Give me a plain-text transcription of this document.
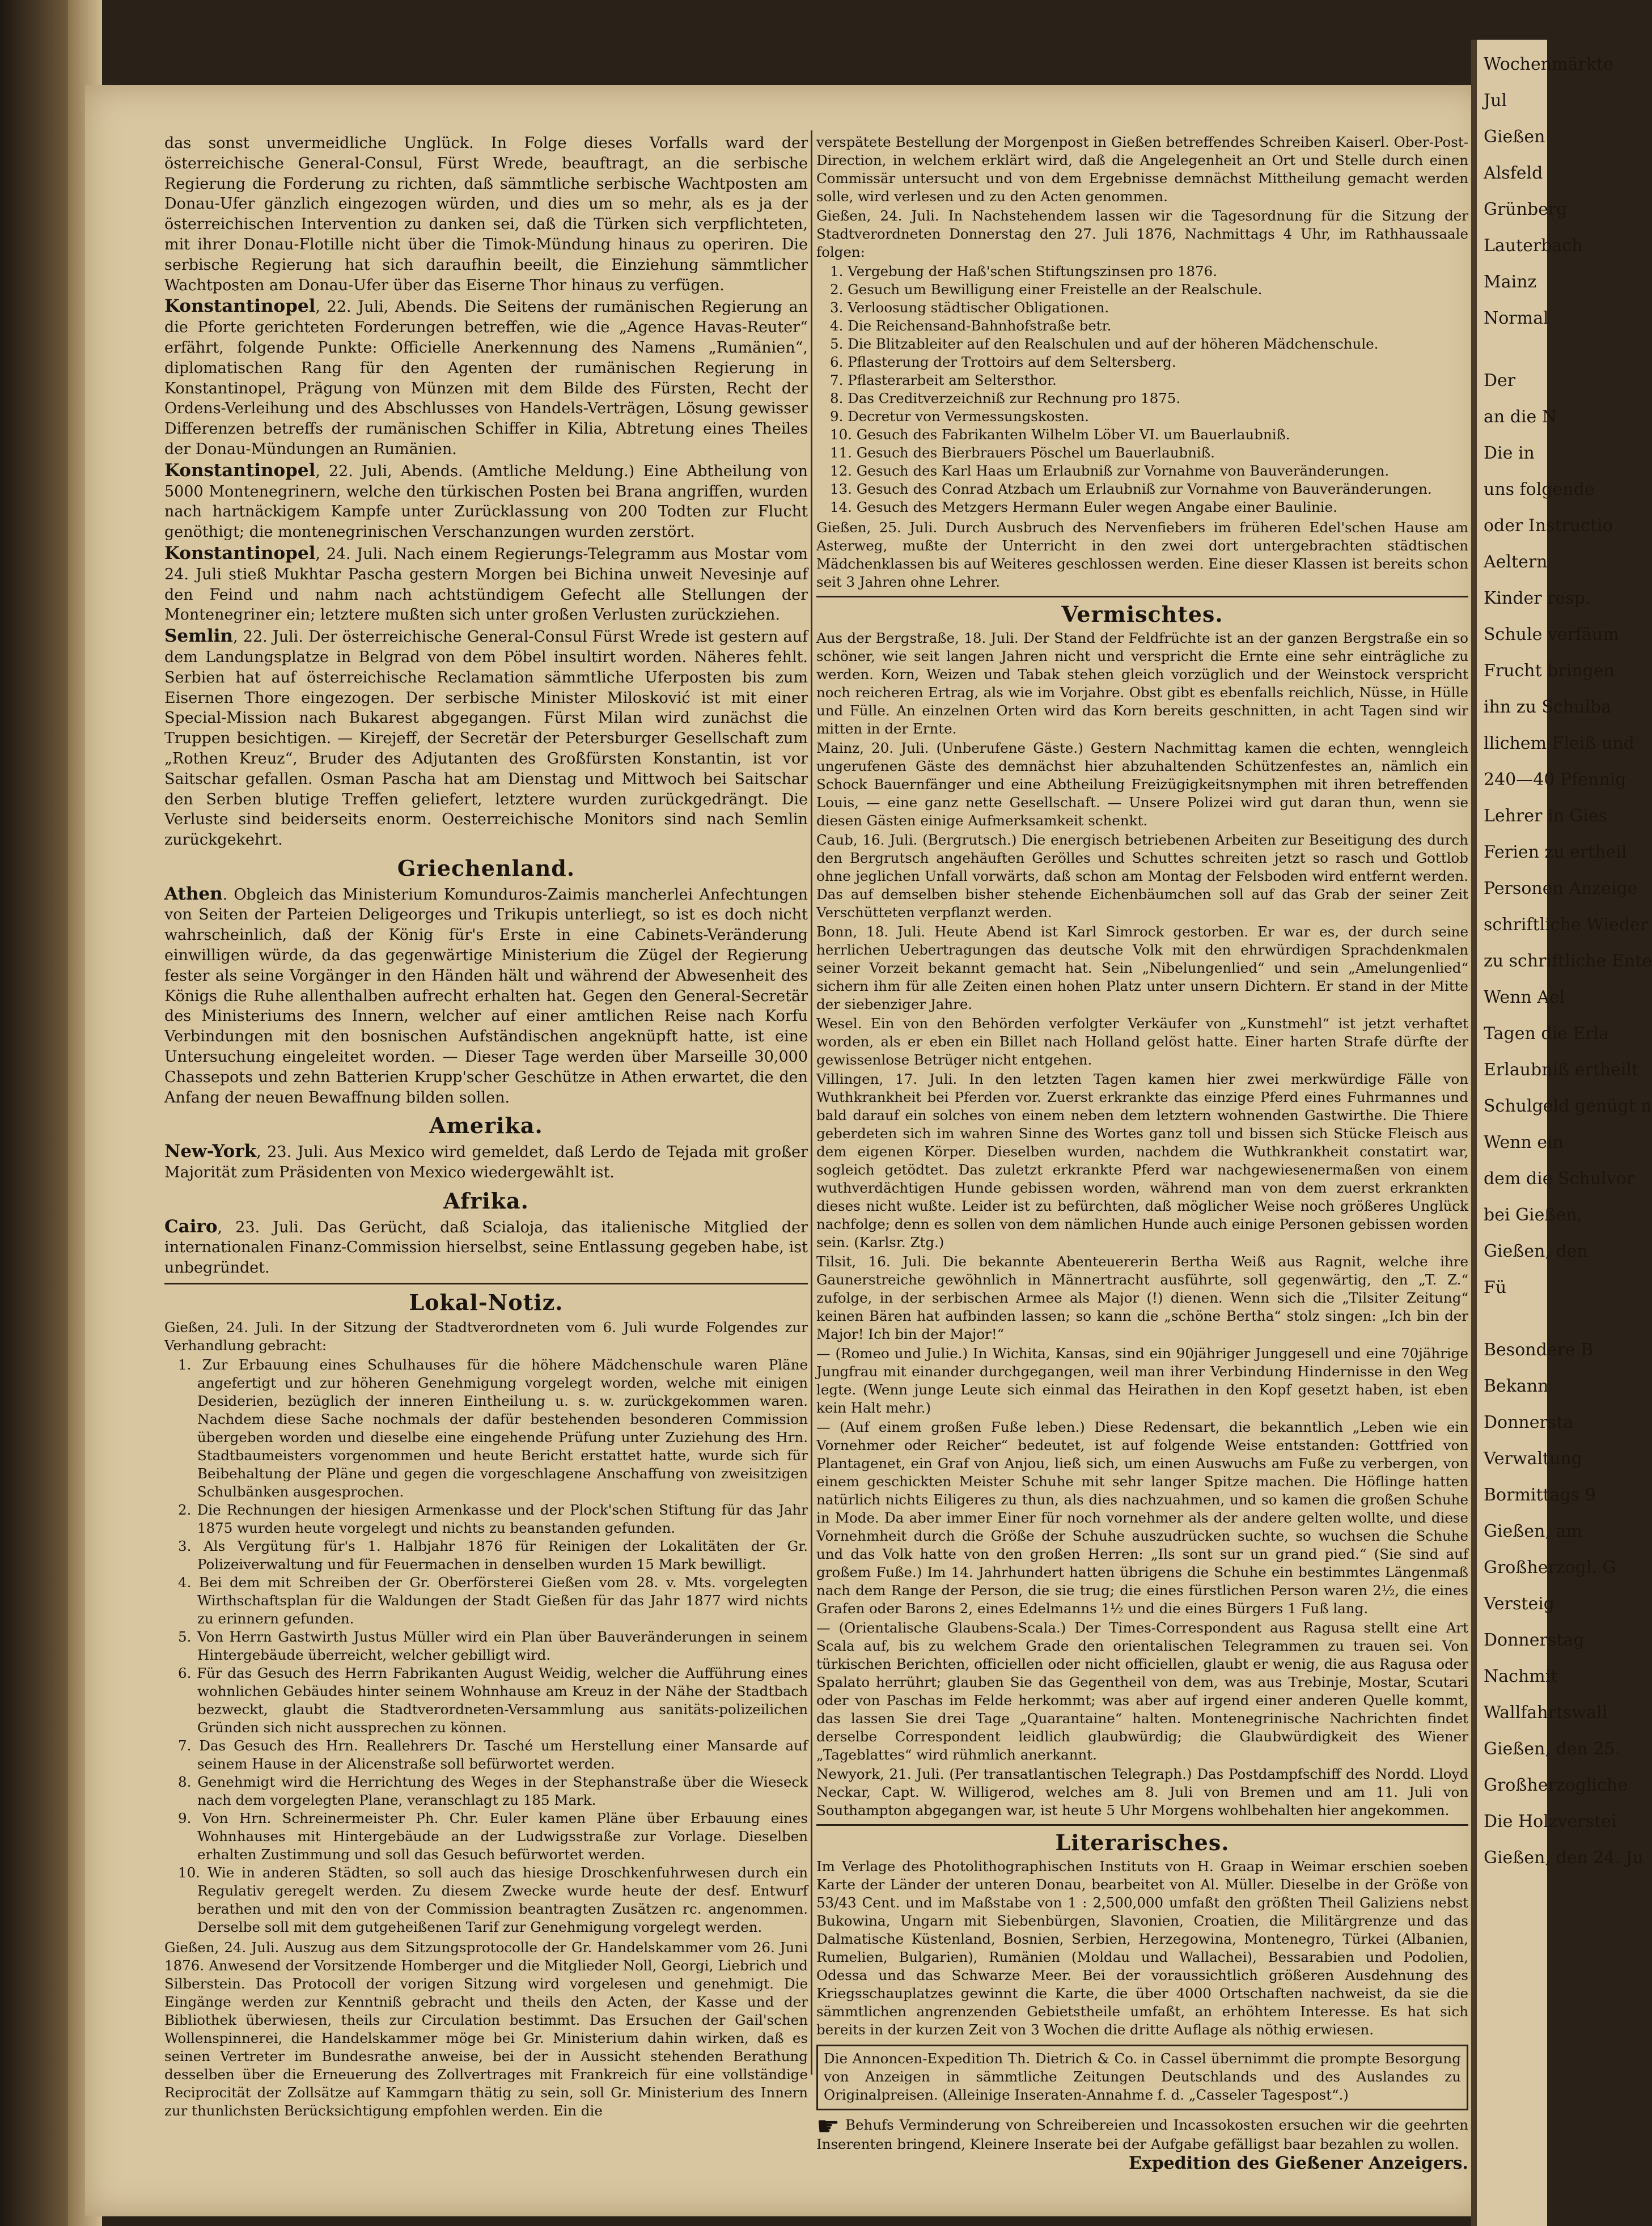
das sonst unvermeidliche Unglück. In Folge dieses Vorfalls ward der österreichische General-Consul, Fürst Wrede, beauftragt, an die serbische Regierung die Forderung zu richten, daß sämmtliche serbische Wachtposten am Donau-Ufer gänzlich eingezogen würden, und dies um so mehr, als es ja der österreichischen Intervention zu danken sei, daß die Türken sich verpflichteten, mit ihrer Donau-Flotille nicht über die Timok-Mündung hinaus zu operiren. Die serbische Regierung hat sich daraufhin beeilt, die Einziehung sämmtlicher Wachtposten am Donau-Ufer über das Eiserne Thor hinaus zu verfügen.

Konstantinopel, 22. Juli, Abends. Die Seitens der rumänischen Regierung an die Pforte gerichteten Forderungen betreffen, wie die „Agence Havas-Reuter“ erfährt, folgende Punkte: Officielle Anerkennung des Namens „Rumänien“, diplomatischen Rang für den Agenten der rumänischen Regierung in Konstantinopel, Prägung von Münzen mit dem Bilde des Fürsten, Recht der Ordens-Verleihung und des Abschlusses von Handels-Verträgen, Lösung gewisser Differenzen betreffs der rumänischen Schiffer in Kilia, Abtretung eines Theiles der Donau-Mündungen an Rumänien.

Konstantinopel, 22. Juli, Abends. (Amtliche Meldung.) Eine Abtheilung von 5000 Montenegrinern, welche den türkischen Posten bei Brana angriffen, wurden nach hartnäckigem Kampfe unter Zurücklassung von 200 Todten zur Flucht genöthigt; die montenegrinischen Verschanzungen wurden zerstört.

Konstantinopel, 24. Juli. Nach einem Regierungs-Telegramm aus Mostar vom 24. Juli stieß Mukhtar Pascha gestern Morgen bei Bichina unweit Nevesinje auf den Feind und nahm nach achtstündigem Gefecht alle Stellungen der Montenegriner ein; letztere mußten sich unter großen Verlusten zurückziehen.

Semlin, 22. Juli. Der österreichische General-Consul Fürst Wrede ist gestern auf dem Landungsplatze in Belgrad von dem Pöbel insultirt worden. Näheres fehlt. Serbien hat auf österreichische Reclamation sämmtliche Uferposten bis zum Eisernen Thore eingezogen. Der serbische Minister Milosković ist mit einer Special-Mission nach Bukarest abgegangen. Fürst Milan wird zunächst die Truppen besichtigen. — Kirejeff, der Secretär der Petersburger Gesellschaft zum „Rothen Kreuz“, Bruder des Adjutanten des Großfürsten Konstantin, ist vor Saitschar gefallen. Osman Pascha hat am Dienstag und Mittwoch bei Saitschar den Serben blutige Treffen geliefert, letztere wurden zurückgedrängt. Die Verluste sind beiderseits enorm. Oesterreichische Monitors sind nach Semlin zurückgekehrt.

Griechenland.

Athen. Obgleich das Ministerium Komunduros-Zaimis mancherlei Anfechtungen von Seiten der Parteien Deligeorges und Trikupis unterliegt, so ist es doch nicht wahrscheinlich, daß der König für's Erste in eine Cabinets-Veränderung einwilligen würde, da das gegenwärtige Ministerium die Zügel der Regierung fester als seine Vorgänger in den Händen hält und während der Abwesenheit des Königs die Ruhe allenthalben aufrecht erhalten hat. Gegen den General-Secretär des Ministeriums des Innern, welcher auf einer amtlichen Reise nach Korfu Verbindungen mit den bosnischen Aufständischen angeknüpft hatte, ist eine Untersuchung eingeleitet worden. — Dieser Tage werden über Marseille 30,000 Chassepots und zehn Batterien Krupp'scher Geschütze in Athen erwartet, die den Anfang der neuen Bewaffnung bilden sollen.

Amerika.

New-York, 23. Juli. Aus Mexico wird gemeldet, daß Lerdo de Tejada mit großer Majorität zum Präsidenten von Mexico wiedergewählt ist.

Afrika.

Cairo, 23. Juli. Das Gerücht, daß Scialoja, das italienische Mitglied der internationalen Finanz-Commission hierselbst, seine Entlassung gegeben habe, ist unbegründet.

Lokal-Notiz.

Gießen, 24. Juli. In der Sitzung der Stadtverordneten vom 6. Juli wurde Folgendes zur Verhandlung gebracht:

1. Zur Erbauung eines Schulhauses für die höhere Mädchenschule waren Pläne angefertigt und zur höheren Genehmigung vorgelegt worden, welche mit einigen Desiderien, bezüglich der inneren Eintheilung u. s. w. zurückgekommen waren. Nachdem diese Sache nochmals der dafür bestehenden besonderen Commission übergeben worden und dieselbe eine eingehende Prüfung unter Zuziehung des Hrn. Stadtbaumeisters vorgenommen und heute Bericht erstattet hatte, wurde sich für Beibehaltung der Pläne und gegen die vorgeschlagene Anschaffung von zweisitzigen Schulbänken ausgesprochen.
2. Die Rechnungen der hiesigen Armenkasse und der Plock'schen Stiftung für das Jahr 1875 wurden heute vorgelegt und nichts zu beanstanden gefunden.
3. Als Vergütung für's 1. Halbjahr 1876 für Reinigen der Lokalitäten der Gr. Polizeiverwaltung und für Feuermachen in denselben wurden 15 Mark bewilligt.
4. Bei dem mit Schreiben der Gr. Oberförsterei Gießen vom 28. v. Mts. vorgelegten Wirthschaftsplan für die Waldungen der Stadt Gießen für das Jahr 1877 wird nichts zu erinnern gefunden.
5. Von Herrn Gastwirth Justus Müller wird ein Plan über Bauveränderungen in seinem Hintergebäude überreicht, welcher gebilligt wird.
6. Für das Gesuch des Herrn Fabrikanten August Weidig, welcher die Aufführung eines wohnlichen Gebäudes hinter seinem Wohnhause am Kreuz in der Nähe der Stadtbach bezweckt, glaubt die Stadtverordneten-Versammlung aus sanitäts-polizeilichen Gründen sich nicht aussprechen zu können.
7. Das Gesuch des Hrn. Reallehrers Dr. Tasché um Herstellung einer Mansarde auf seinem Hause in der Alicenstraße soll befürwortet werden.
8. Genehmigt wird die Herrichtung des Weges in der Stephanstraße über die Wieseck nach dem vorgelegten Plane, veranschlagt zu 185 Mark.
9. Von Hrn. Schreinermeister Ph. Chr. Euler kamen Pläne über Erbauung eines Wohnhauses mit Hintergebäude an der Ludwigsstraße zur Vorlage. Dieselben erhalten Zustimmung und soll das Gesuch befürwortet werden.
10. Wie in anderen Städten, so soll auch das hiesige Droschkenfuhrwesen durch ein Regulativ geregelt werden. Zu diesem Zwecke wurde heute der desf. Entwurf berathen und mit den von der Commission beantragten Zusätzen rc. angenommen. Derselbe soll mit dem gutgeheißenen Tarif zur Genehmigung vorgelegt werden.

Gießen, 24. Juli. Auszug aus dem Sitzungsprotocolle der Gr. Handelskammer vom 26. Juni 1876. Anwesend der Vorsitzende Homberger und die Mitglieder Noll, Georgi, Liebrich und Silberstein. Das Protocoll der vorigen Sitzung wird vorgelesen und genehmigt. Die Eingänge werden zur Kenntniß gebracht und theils den Acten, der Kasse und der Bibliothek überwiesen, theils zur Circulation bestimmt. Das Ersuchen der Gail'schen Wollenspinnerei, die Handelskammer möge bei Gr. Ministerium dahin wirken, daß es seinen Vertreter im Bundesrathe anweise, bei der in Aussicht stehenden Berathung desselben über die Erneuerung des Zollvertrages mit Frankreich für eine vollständige Reciprocität der Zollsätze auf Kammgarn thätig zu sein, soll Gr. Ministerium des Innern zur thunlichsten Berücksichtigung empfohlen werden. Ein die

verspätete Bestellung der Morgenpost in Gießen betreffendes Schreiben Kaiserl. Ober-Post-Direction, in welchem erklärt wird, daß die Angelegenheit an Ort und Stelle durch einen Commissär untersucht und von dem Ergebnisse demnächst Mittheilung gemacht werden solle, wird verlesen und zu den Acten genommen.

Gießen, 24. Juli. In Nachstehendem lassen wir die Tagesordnung für die Sitzung der Stadtverordneten Donnerstag den 27. Juli 1876, Nachmittags 4 Uhr, im Rathhaussaale folgen:

1. Vergebung der Haß'schen Stiftungszinsen pro 1876.
2. Gesuch um Bewilligung einer Freistelle an der Realschule.
3. Verloosung städtischer Obligationen.
4. Die Reichensand-Bahnhofstraße betr.
5. Die Blitzableiter auf den Realschulen und auf der höheren Mädchenschule.
6. Pflasterung der Trottoirs auf dem Seltersberg.
7. Pflasterarbeit am Seltersthor.
8. Das Creditverzeichniß zur Rechnung pro 1875.
9. Decretur von Vermessungskosten.
10. Gesuch des Fabrikanten Wilhelm Löber VI. um Bauerlaubniß.
11. Gesuch des Bierbrauers Pöschel um Bauerlaubniß.
12. Gesuch des Karl Haas um Erlaubniß zur Vornahme von Bauveränderungen.
13. Gesuch des Conrad Atzbach um Erlaubniß zur Vornahme von Bauveränderungen.
14. Gesuch des Metzgers Hermann Euler wegen Angabe einer Baulinie.

Gießen, 25. Juli. Durch Ausbruch des Nervenfiebers im früheren Edel'schen Hause am Asterweg, mußte der Unterricht in den zwei dort untergebrachten städtischen Mädchenklassen bis auf Weiteres geschlossen werden. Eine dieser Klassen ist bereits schon seit 3 Jahren ohne Lehrer.

Vermischtes.

Aus der Bergstraße, 18. Juli. Der Stand der Feldfrüchte ist an der ganzen Bergstraße ein so schöner, wie seit langen Jahren nicht und verspricht die Ernte eine sehr einträgliche zu werden. Korn, Weizen und Tabak stehen gleich vorzüglich und der Weinstock verspricht noch reicheren Ertrag, als wie im Vorjahre. Obst gibt es ebenfalls reichlich, Nüsse, in Hülle und Fülle. An einzelnen Orten wird das Korn bereits geschnitten, in acht Tagen sind wir mitten in der Ernte.

Mainz, 20. Juli. (Unberufene Gäste.) Gestern Nachmittag kamen die echten, wenngleich ungerufenen Gäste des demnächst hier abzuhaltenden Schützenfestes an, nämlich ein Schock Bauernfänger und eine Abtheilung Freizügigkeitsnymphen mit ihren betreffenden Louis, — eine ganz nette Gesellschaft. — Unsere Polizei wird gut daran thun, wenn sie diesen Gästen einige Aufmerksamkeit schenkt.

Caub, 16. Juli. (Bergrutsch.) Die energisch betriebenen Arbeiten zur Beseitigung des durch den Bergrutsch angehäuften Gerölles und Schuttes schreiten jetzt so rasch und Gottlob ohne jeglichen Unfall vorwärts, daß schon am Montag der Felsboden wird entfernt werden. Das auf demselben bisher stehende Eichenbäumchen soll auf das Grab der seiner Zeit Verschütteten verpflanzt werden.

Bonn, 18. Juli. Heute Abend ist Karl Simrock gestorben. Er war es, der durch seine herrlichen Uebertragungen das deutsche Volk mit den ehrwürdigen Sprachdenkmalen seiner Vorzeit bekannt gemacht hat. Sein „Nibelungenlied“ und sein „Amelungenlied“ sichern ihm für alle Zeiten einen hohen Platz unter unsern Dichtern. Er stand in der Mitte der siebenziger Jahre.

Wesel. Ein von den Behörden verfolgter Verkäufer von „Kunstmehl“ ist jetzt verhaftet worden, als er eben ein Billet nach Holland gelöst hatte. Einer harten Strafe dürfte der gewissenlose Betrüger nicht entgehen.

Villingen, 17. Juli. In den letzten Tagen kamen hier zwei merkwürdige Fälle von Wuthkrankheit bei Pferden vor. Zuerst erkrankte das einzige Pferd eines Fuhrmannes und bald darauf ein solches von einem neben dem letztern wohnenden Gastwirthe. Die Thiere geberdeten sich im wahren Sinne des Wortes ganz toll und bissen sich Stücke Fleisch aus dem eigenen Körper. Dieselben wurden, nachdem die Wuthkrankheit constatirt war, sogleich getödtet. Das zuletzt erkrankte Pferd war nachgewiesenermaßen von einem wuthverdächtigen Hunde gebissen worden, während man von dem zuerst erkrankten dieses nicht wußte. Leider ist zu befürchten, daß möglicher Weise noch größeres Unglück nachfolge; denn es sollen von dem nämlichen Hunde auch einige Personen gebissen worden sein. (Karlsr. Ztg.)

Tilsit, 16. Juli. Die bekannte Abenteuererin Bertha Weiß aus Ragnit, welche ihre Gaunerstreiche gewöhnlich in Männertracht ausführte, soll gegenwärtig, den „T. Z.“ zufolge, in der serbischen Armee als Major (!) dienen. Wenn sich die „Tilsiter Zeitung“ keinen Bären hat aufbinden lassen; so kann die „schöne Bertha“ stolz singen: „Ich bin der Major! Ich bin der Major!“

— (Romeo und Julie.) In Wichita, Kansas, sind ein 90jähriger Junggesell und eine 70jährige Jungfrau mit einander durchgegangen, weil man ihrer Verbindung Hindernisse in den Weg legte. (Wenn junge Leute sich einmal das Heirathen in den Kopf gesetzt haben, ist eben kein Halt mehr.)

— (Auf einem großen Fuße leben.) Diese Redensart, die bekanntlich „Leben wie ein Vornehmer oder Reicher“ bedeutet, ist auf folgende Weise entstanden: Gottfried von Plantagenet, ein Graf von Anjou, ließ sich, um einen Auswuchs am Fuße zu verbergen, von einem geschickten Meister Schuhe mit sehr langer Spitze machen. Die Höflinge hatten natürlich nichts Eiligeres zu thun, als dies nachzuahmen, und so kamen die großen Schuhe in Mode. Da aber immer Einer für noch vornehmer als der andere gelten wollte, und diese Vornehmheit durch die Größe der Schuhe auszudrücken suchte, so wuchsen die Schuhe und das Volk hatte von den großen Herren: „Ils sont sur un grand pied.“ (Sie sind auf großem Fuße.) Im 14. Jahrhundert hatten übrigens die Schuhe ein bestimmtes Längenmaß nach dem Range der Person, die sie trug; die eines fürstlichen Person waren 2½, die eines Grafen oder Barons 2, eines Edelmanns 1½ und die eines Bürgers 1 Fuß lang.

— (Orientalische Glaubens-Scala.) Der Times-Correspondent aus Ragusa stellt eine Art Scala auf, bis zu welchem Grade den orientalischen Telegrammen zu trauen sei. Von türkischen Berichten, officiellen oder nicht officiellen, glaubt er wenig, die aus Ragusa oder Spalato herrührt; glauben Sie das Gegentheil von dem, was aus Trebinje, Mostar, Scutari oder von Paschas im Felde herkommt; was aber auf irgend einer anderen Quelle kommt, das lassen Sie drei Tage „Quarantaine“ halten. Montenegrinische Nachrichten findet derselbe Correspondent leidlich glaubwürdig; die Glaubwürdigkeit des Wiener „Tageblattes“ wird rühmlich anerkannt.

Newyork, 21. Juli. (Per transatlantischen Telegraph.) Das Postdampfschiff des Nordd. Lloyd Neckar, Capt. W. Willigerod, welches am 8. Juli von Bremen und am 11. Juli von Southampton abgegangen war, ist heute 5 Uhr Morgens wohlbehalten hier angekommen.

Literarisches.

Im Verlage des Photolithographischen Instituts von H. Graap in Weimar erschien soeben Karte der Länder der unteren Donau, bearbeitet von Al. Müller. Dieselbe in der Größe von 53/43 Cent. und im Maßstabe von 1 : 2,500,000 umfaßt den größten Theil Galiziens nebst Bukowina, Ungarn mit Siebenbürgen, Slavonien, Croatien, die Militärgrenze und das Dalmatische Küstenland, Bosnien, Serbien, Herzegowina, Montenegro, Türkei (Albanien, Rumelien, Bulgarien), Rumänien (Moldau und Wallachei), Bessarabien und Podolien, Odessa und das Schwarze Meer. Bei der voraussichtlich größeren Ausdehnung des Kriegsschauplatzes gewinnt die Karte, die über 4000 Ortschaften nachweist, da sie die sämmtlichen angrenzenden Gebietstheile umfaßt, an erhöhtem Interesse. Es hat sich bereits in der kurzen Zeit von 3 Wochen die dritte Auflage als nöthig erwiesen.

Die Annoncen-Expedition Th. Dietrich & Co. in Cassel übernimmt die prompte Besorgung von Anzeigen in sämmtliche Zeitungen Deutschlands und des Auslandes zu Originalpreisen. (Alleinige Inseraten-Annahme f. d. „Casseler Tagespost“.)

☛ Behufs Verminderung von Schreibereien und Incassokosten ersuchen wir die geehrten Inserenten bringend, Kleinere Inserate bei der Aufgabe gefälligst baar bezahlen zu wollen.

Expedition des Gießener Anzeigers.
Wochenmärkte
Jul
Gießen
Alsfeld
Grünberg
Lauterbach
Mainz
Normal
Der
an die N
Die in
uns folgende
oder Instructio
Aeltern
Kinder resp.
Schule verfäum
Frucht bringen
ihn zu Schulba
llichem Fleiß und
240—40 Pfennig
Lehrer in Gies
Ferien zu ertheil
Personen Anzeige
schriftliche Wieder
zu schriftliche Ente
Wenn Ael
Tagen die Erla
Erlaubniß ertheilt
Schulgeld genügt n
Wenn ein
dem die Schulvor
bei Gießen,
Gießen, den
Fü
Besondere B
Bekann
Donnersta
Verwaltung
Bormittags 9
Gießen, am
Großherzogl. G
Versteig
Donnerstag
Nachmit
Wallfahrtswall
Gießen, den 25.
Großherzogliche
Die Holzverstei
Gießen, den 24. Ju
